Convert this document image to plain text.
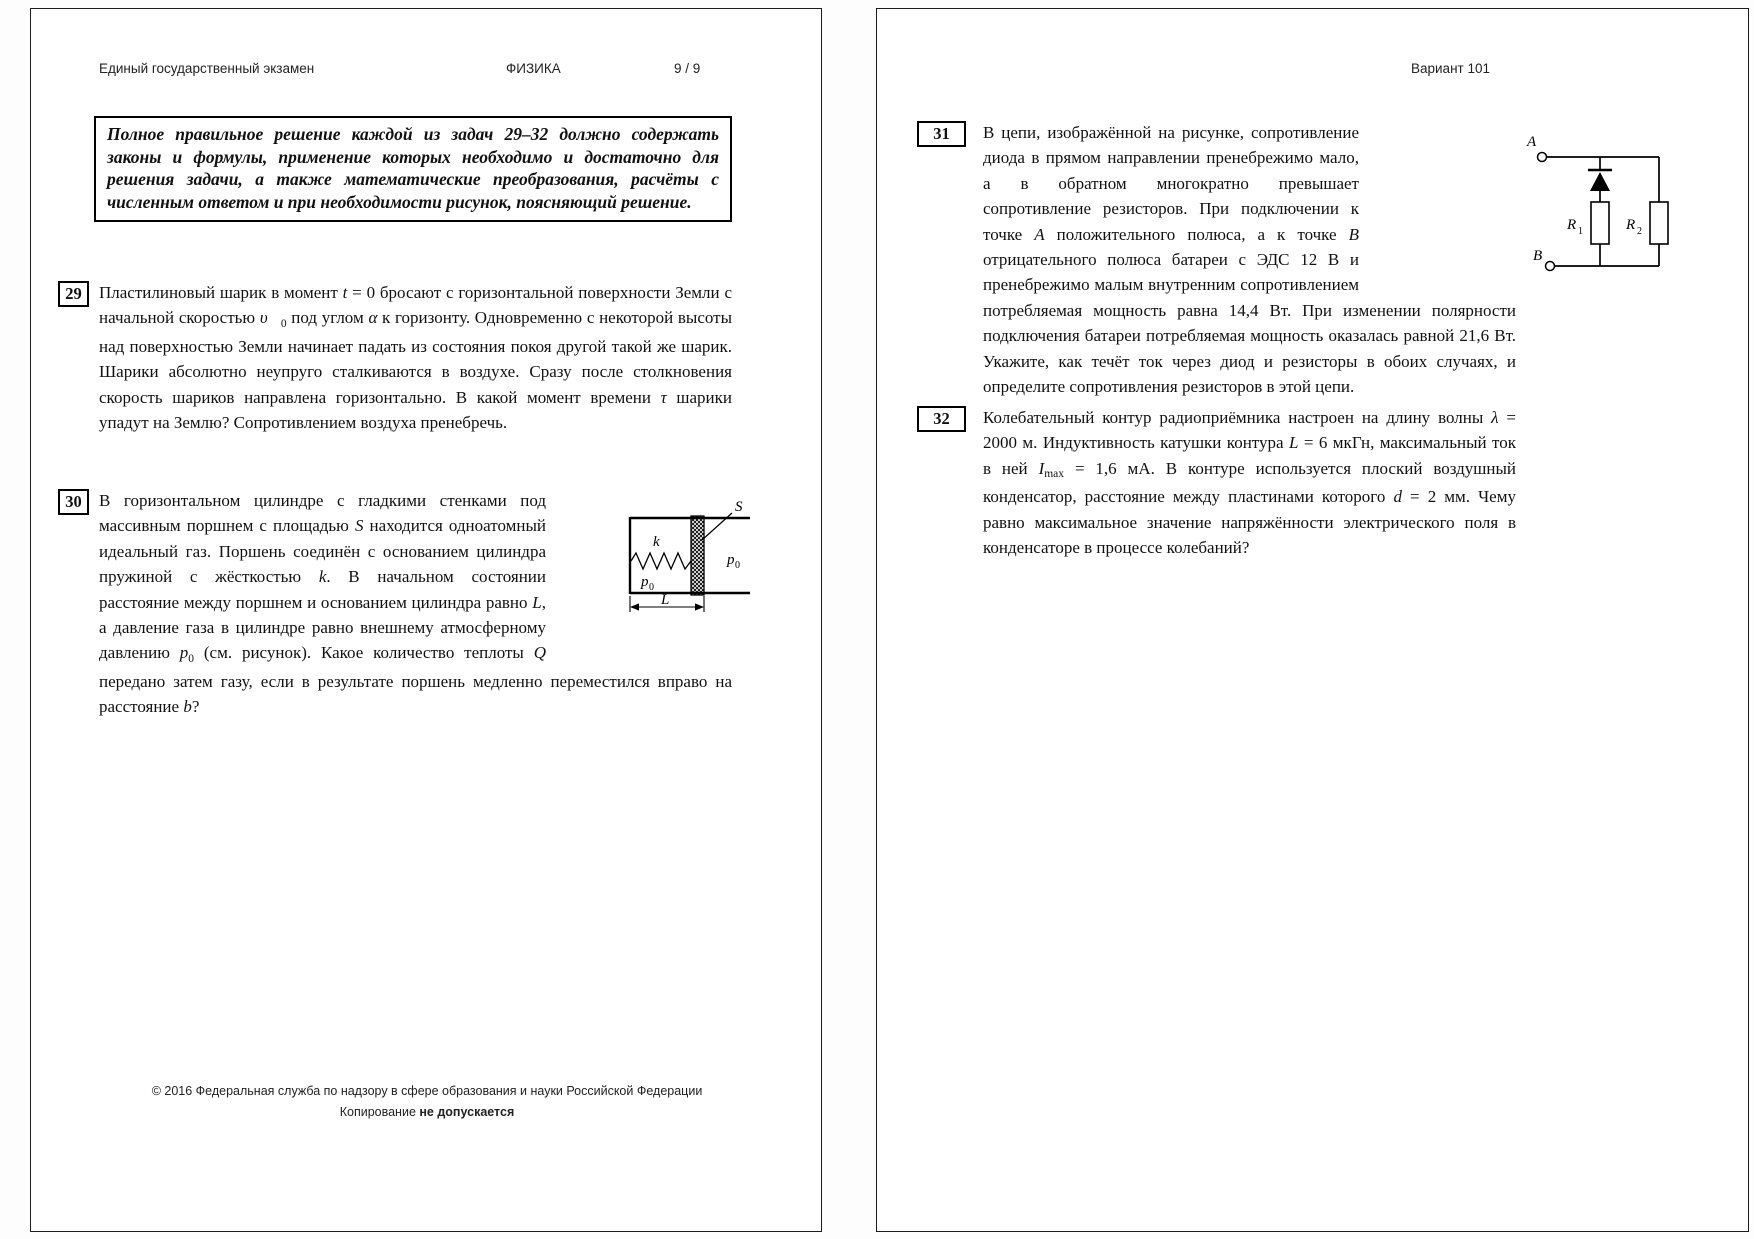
Единый государственный экзамен	ФИЗИКА	9 / 9
Полное правильное решение каждой из задач 29–32 должно содержать законы и формулы, применение которых необходимо и достаточно для решения задачи, а также математические преобразования, расчёты с численным ответом и при необходимости рисунок, поясняющий решение.
29	Пластилиновый шарик в момент t = 0 бросают с горизонтальной поверхности Земли с начальной скоростью $\upsilon⃗_0$ под углом α к горизонту. Одновременно с некоторой высоты над поверхностью Земли начинает падать из состояния покоя другой такой же шарик. Шарики абсолютно неупруго сталкиваются в воздухе. Сразу после столкновения скорость шариков направлена горизонтально. В какой момент времени τ шарики упадут на Землю? Сопротивлением воздуха пренебречь.

30	S
k
p 0
p 0
L

В горизонтальном цилиндре с гладкими стенками под массивным поршнем с площадью S находится одноатомный идеальный газ. Поршень соединён с основанием цилиндра пружиной с жёсткостью k. В начальном состоянии расстояние между поршнем и основанием цилиндра равно L, а давление газа в цилиндре равно внешнему атмосферному давлению $p_0$ (см. рисунок). Какое количество теплоты Q передано затем газу, если в результате поршень медленно переместился вправо на расстояние b?

© 2016 Федеральная служба по надзору в сфере образования и науки Российской Федерации
Копирование не допускается
Вариант 101
31	A
B
R 1	R 2

В цепи, изображённой на рисунке, сопротивление диода в прямом направлении пренебрежимо мало, а в обратном многократно превышает сопротивление резисторов. При подключении к точке A положительного полюса, а к точке B отрицательного полюса батареи с ЭДС 12 В и пренебрежимо малым внутренним сопротивлением потребляемая мощность равна 14,4 Вт. При изменении полярности подключения батареи потребляемая мощность оказалась равной 21,6 Вт. Укажите, как течёт ток через диод и резисторы в обоих случаях, и определите сопротивления резисторов в этой цепи.

32	Колебательный контур радиоприёмника настроен на длину волны λ = 2000 м. Индуктивность катушки контура L = 6 мкГн, максимальный ток в ней $I_{max} = 1,6$ мА. В контуре используется плоский воздушный конденсатор, расстояние между пластинами которого d = 2 мм. Чему равно максимальное значение напряжённости электрического поля в конденсаторе в процессе колебаний?
